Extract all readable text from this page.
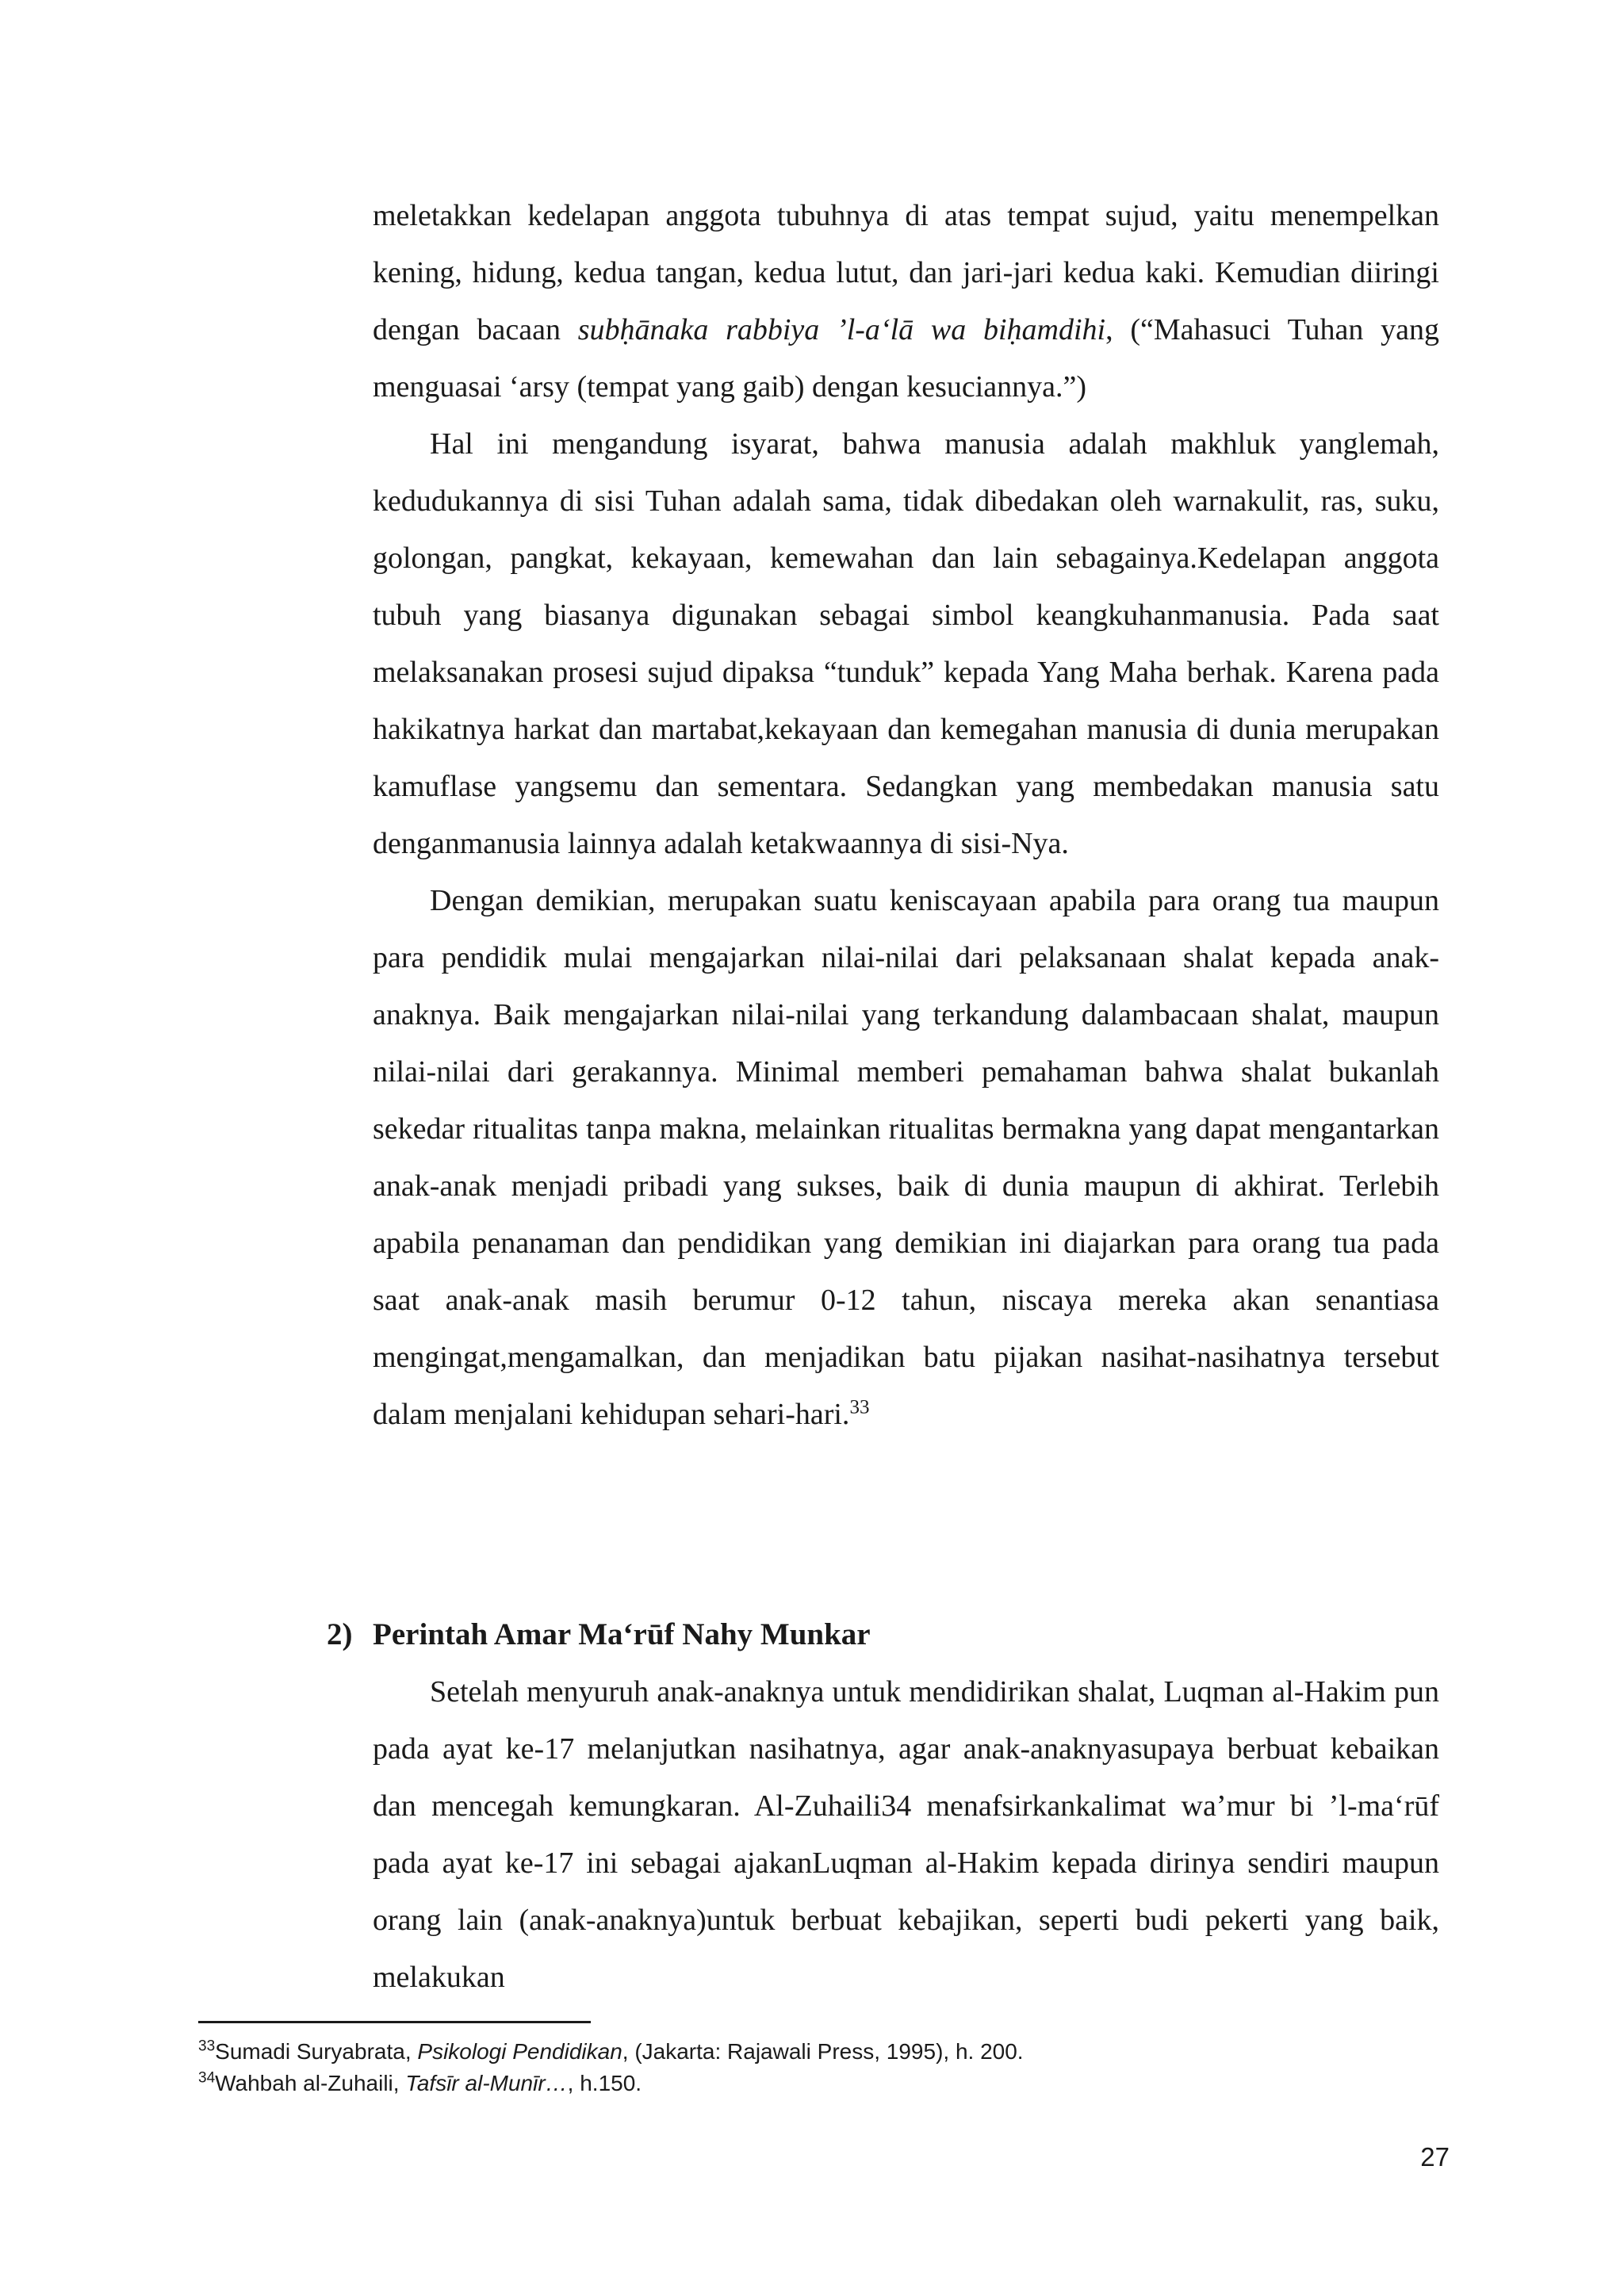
meletakkan kedelapan anggota tubuhnya di atas tempat sujud, yaitu menempelkan kening, hidung, kedua tangan, kedua lutut, dan jari-jari kedua kaki. Kemudian diiringi dengan bacaan subḥānaka rabbiya ’l-a‘lā wa biḥamdihi, (“Mahasuci Tuhan yang menguasai ‘arsy (tempat yang gaib) dengan kesuciannya.”)

Hal ini mengandung isyarat, bahwa manusia adalah makhluk yanglemah, kedudukannya di sisi Tuhan adalah sama, tidak dibedakan oleh warnakulit, ras, suku, golongan, pangkat, kekayaan, kemewahan dan lain sebagainya.Kedelapan anggota tubuh yang biasanya digunakan sebagai simbol keangkuhanmanusia. Pada saat melaksanakan prosesi sujud dipaksa “tunduk” kepada Yang Maha berhak. Karena pada hakikatnya harkat dan martabat,kekayaan dan kemegahan manusia di dunia merupakan kamuflase yangsemu dan sementara. Sedangkan yang membedakan manusia satu denganmanusia lainnya adalah ketakwaannya di sisi-Nya.

Dengan demikian, merupakan suatu keniscayaan apabila para orang tua maupun para pendidik mulai mengajarkan nilai-nilai dari pelaksanaan shalat kepada anak-anaknya. Baik mengajarkan nilai-nilai yang terkandung dalambacaan shalat, maupun nilai-nilai dari gerakannya. Minimal memberi pemahaman bahwa shalat bukanlah sekedar ritualitas tanpa makna, melainkan ritualitas bermakna yang dapat mengantarkan anak-anak menjadi pribadi yang sukses, baik di dunia maupun di akhirat. Terlebih apabila penanaman dan pendidikan yang demikian ini diajarkan para orang tua pada saat anak-anak masih berumur 0-12 tahun, niscaya mereka akan senantiasa mengingat,mengamalkan, dan menjadikan batu pijakan nasihat-nasihatnya tersebut dalam menjalani kehidupan sehari-hari.$^{33}$

2) Perintah Amar Ma‘rūf Nahy Munkar

Setelah menyuruh anak-anaknya untuk mendidirikan shalat, Luqman al-Hakim pun pada ayat ke-17 melanjutkan nasihatnya, agar anak-anaknyasupaya berbuat kebaikan dan mencegah kemungkaran. Al-Zuhaili34 menafsirkankalimat wa’mur bi ’l-ma‘rūf pada ayat ke-17 ini sebagai ajakanLuqman al-Hakim kepada dirinya sendiri maupun orang lain (anak-anaknya)untuk berbuat kebajikan, seperti budi pekerti yang baik, melakukan

$^{33}$Sumadi Suryabrata, Psikologi Pendidikan, (Jakarta: Rajawali Press, 1995), h. 200.

$^{34}$Wahbah al-Zuhaili, Tafsīr al-Munīr…, h.150.

27
